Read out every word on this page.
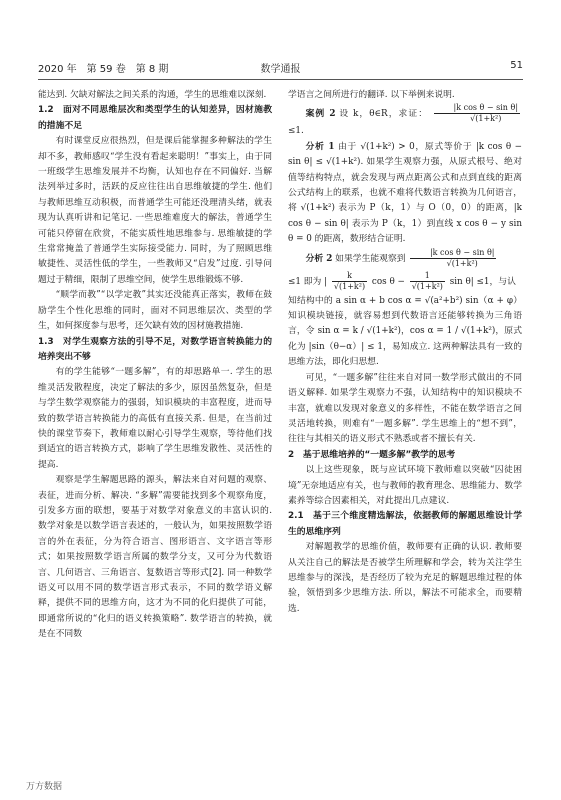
2020 年　第 59 卷　第 8 期	数学通报	51

能达到. 欠缺对解法之间关系的沟通，学生的思维难以深刻.

1.2　面对不同思维层次和类型学生的认知差异，因材施教的措施不足

有时课堂反应很热烈，但是课后能掌握多种解法的学生却不多，教师感叹“学生没有看起来聪明！”事实上，由于同一班级学生思维发展并不均衡，认知也存在不同偏好. 当解法列举过多时，活跃的反应往往出自思维敏捷的学生. 他们与教师思维互动积极，而普通学生可能还没理清头绪，就表现为认真听讲和记笔记. 一些思维难度大的解法，普通学生可能只停留在欣赏，不能实质性地思维参与. 思维敏捷的学生常常掩盖了普通学生实际接受能力. 同时，为了照顾思维敏捷性、灵活性低的学生，一些教师又“启发”过度. 引导问题过于精细，限制了思维空间，使学生思维锻炼不够.

“顺学而教”“以学定教”其实还没能真正落实，教师在鼓励学生个性化思维的同时，面对不同思维层次、类型的学生，如何探度参与思考，还欠缺有效的因材施教措施.

1.3　对学生观察方法的引导不足，对数学语言转换能力的培养突出不够

有的学生能够“一题多解”，有的却思路单一. 学生的思维灵活发散程度，决定了解法的多少，原因虽然复杂，但是与学生数学观察能力的强弱，知识模块的丰富程度，进而导致的数学语言转换能力的高低有直接关系. 但是，在当前过快的课堂节奏下，教师难以耐心引导学生观察，等待他们找到适宜的语言转换方式，影响了学生思维发散性、灵活性的提高.

观察是学生解题思路的源头，解法来自对问题的观察、表征，进而分析、解决. “多解”需要能找到多个观察角度，引发多方面的联想，要基于对数学对象意义的丰富认识的. 数学对象是以数学语言表述的，一般认为，如果按照数学语言的外在表征，分为符合语言、图形语言、文字语言等形式；如果按照数学语言所属的数学分支，又可分为代数语言、几何语言、三角语言、复数语言等形式[2]. 同一种数学语义可以用不同的数学语言形式表示，不同的数学语义解释，提供不同的思维方向，这才为不同的化归提供了可能，即通常所说的“化归的语义转换策略”. 数学语言的转换，就是在不同数

学语言之间所进行的翻译. 以下举例来说明.

案例 2 设 k，θ∈R，求证： $\frac{\text{|k cos θ − sin θ|}}{\text{√(1+k²)}}$
≤1.

分析 1 由于 √(1+k²) > 0，原式等价于 |k cos θ − sin θ| ≤ √(1+k²). 如果学生观察力强，从原式根号、绝对值等结构特点，就会发现与两点距离公式和点到直线的距离公式结构上的联系，也就不难将代数语言转换为几何语言，将 √(1+k²) 表示为 P（k，1）与 O（0，0）的距离，|k cos θ − sin θ| 表示为 P（k，1）到直线 x cos θ − y sin θ = 0 的距离，数形结合证明.

分析 2 如果学生能观察到 $\frac{\text{|k cos θ − sin θ|}}{\text{√(1+k²)}}$

≤1 即为 | $\frac{k}{\text{√(1+k²)}}$ $\cos \theta - \frac{1}{\text{√(1+k²)}}$ sin θ| ≤1，与认

知结构中的 a sin α + b cos α = √(a²+b²) sin（α + φ）知识模块链接，就容易想到代数语言还能够转换为三角语言，令 sin α = k / √(1+k²)，cos α = 1 / √(1+k²)，原式化为 |sin（θ−α）| ≤ 1，易知成立. 这两种解法具有一致的思维方法，即化归思想.

可见，“一题多解”往往来自对同一数学形式做出的不同语义解释. 如果学生观察力不强，认知结构中的知识模块不丰富，就难以发现对象意义的多样性，不能在数学语言之间灵活地转换，则难有“一题多解”. 学生思维上的“想不到”，往往与其相关的语义形式不熟悉或者不擅长有关.

2　基于思维培养的“一题多解”教学的思考

以上这些现象，既与应试环境下教师难以突破“囚徒困境”无奈地适应有关，也与教师的教育理念、思维能力、数学素养等综合因素相关，对此提出几点建议.

2.1　基于三个维度精选解法，依据教师的解题思维设计学生的思维序列

对解题教学的思维价值，教师要有正确的认识. 教师要从关注自己的解法是否被学生所理解和学会，转为关注学生思维参与的深浅，是否经历了较为充足的解题思维过程的体验，领悟到多少思维方法. 所以，解法不可能求全，而要精选.

万方数据
